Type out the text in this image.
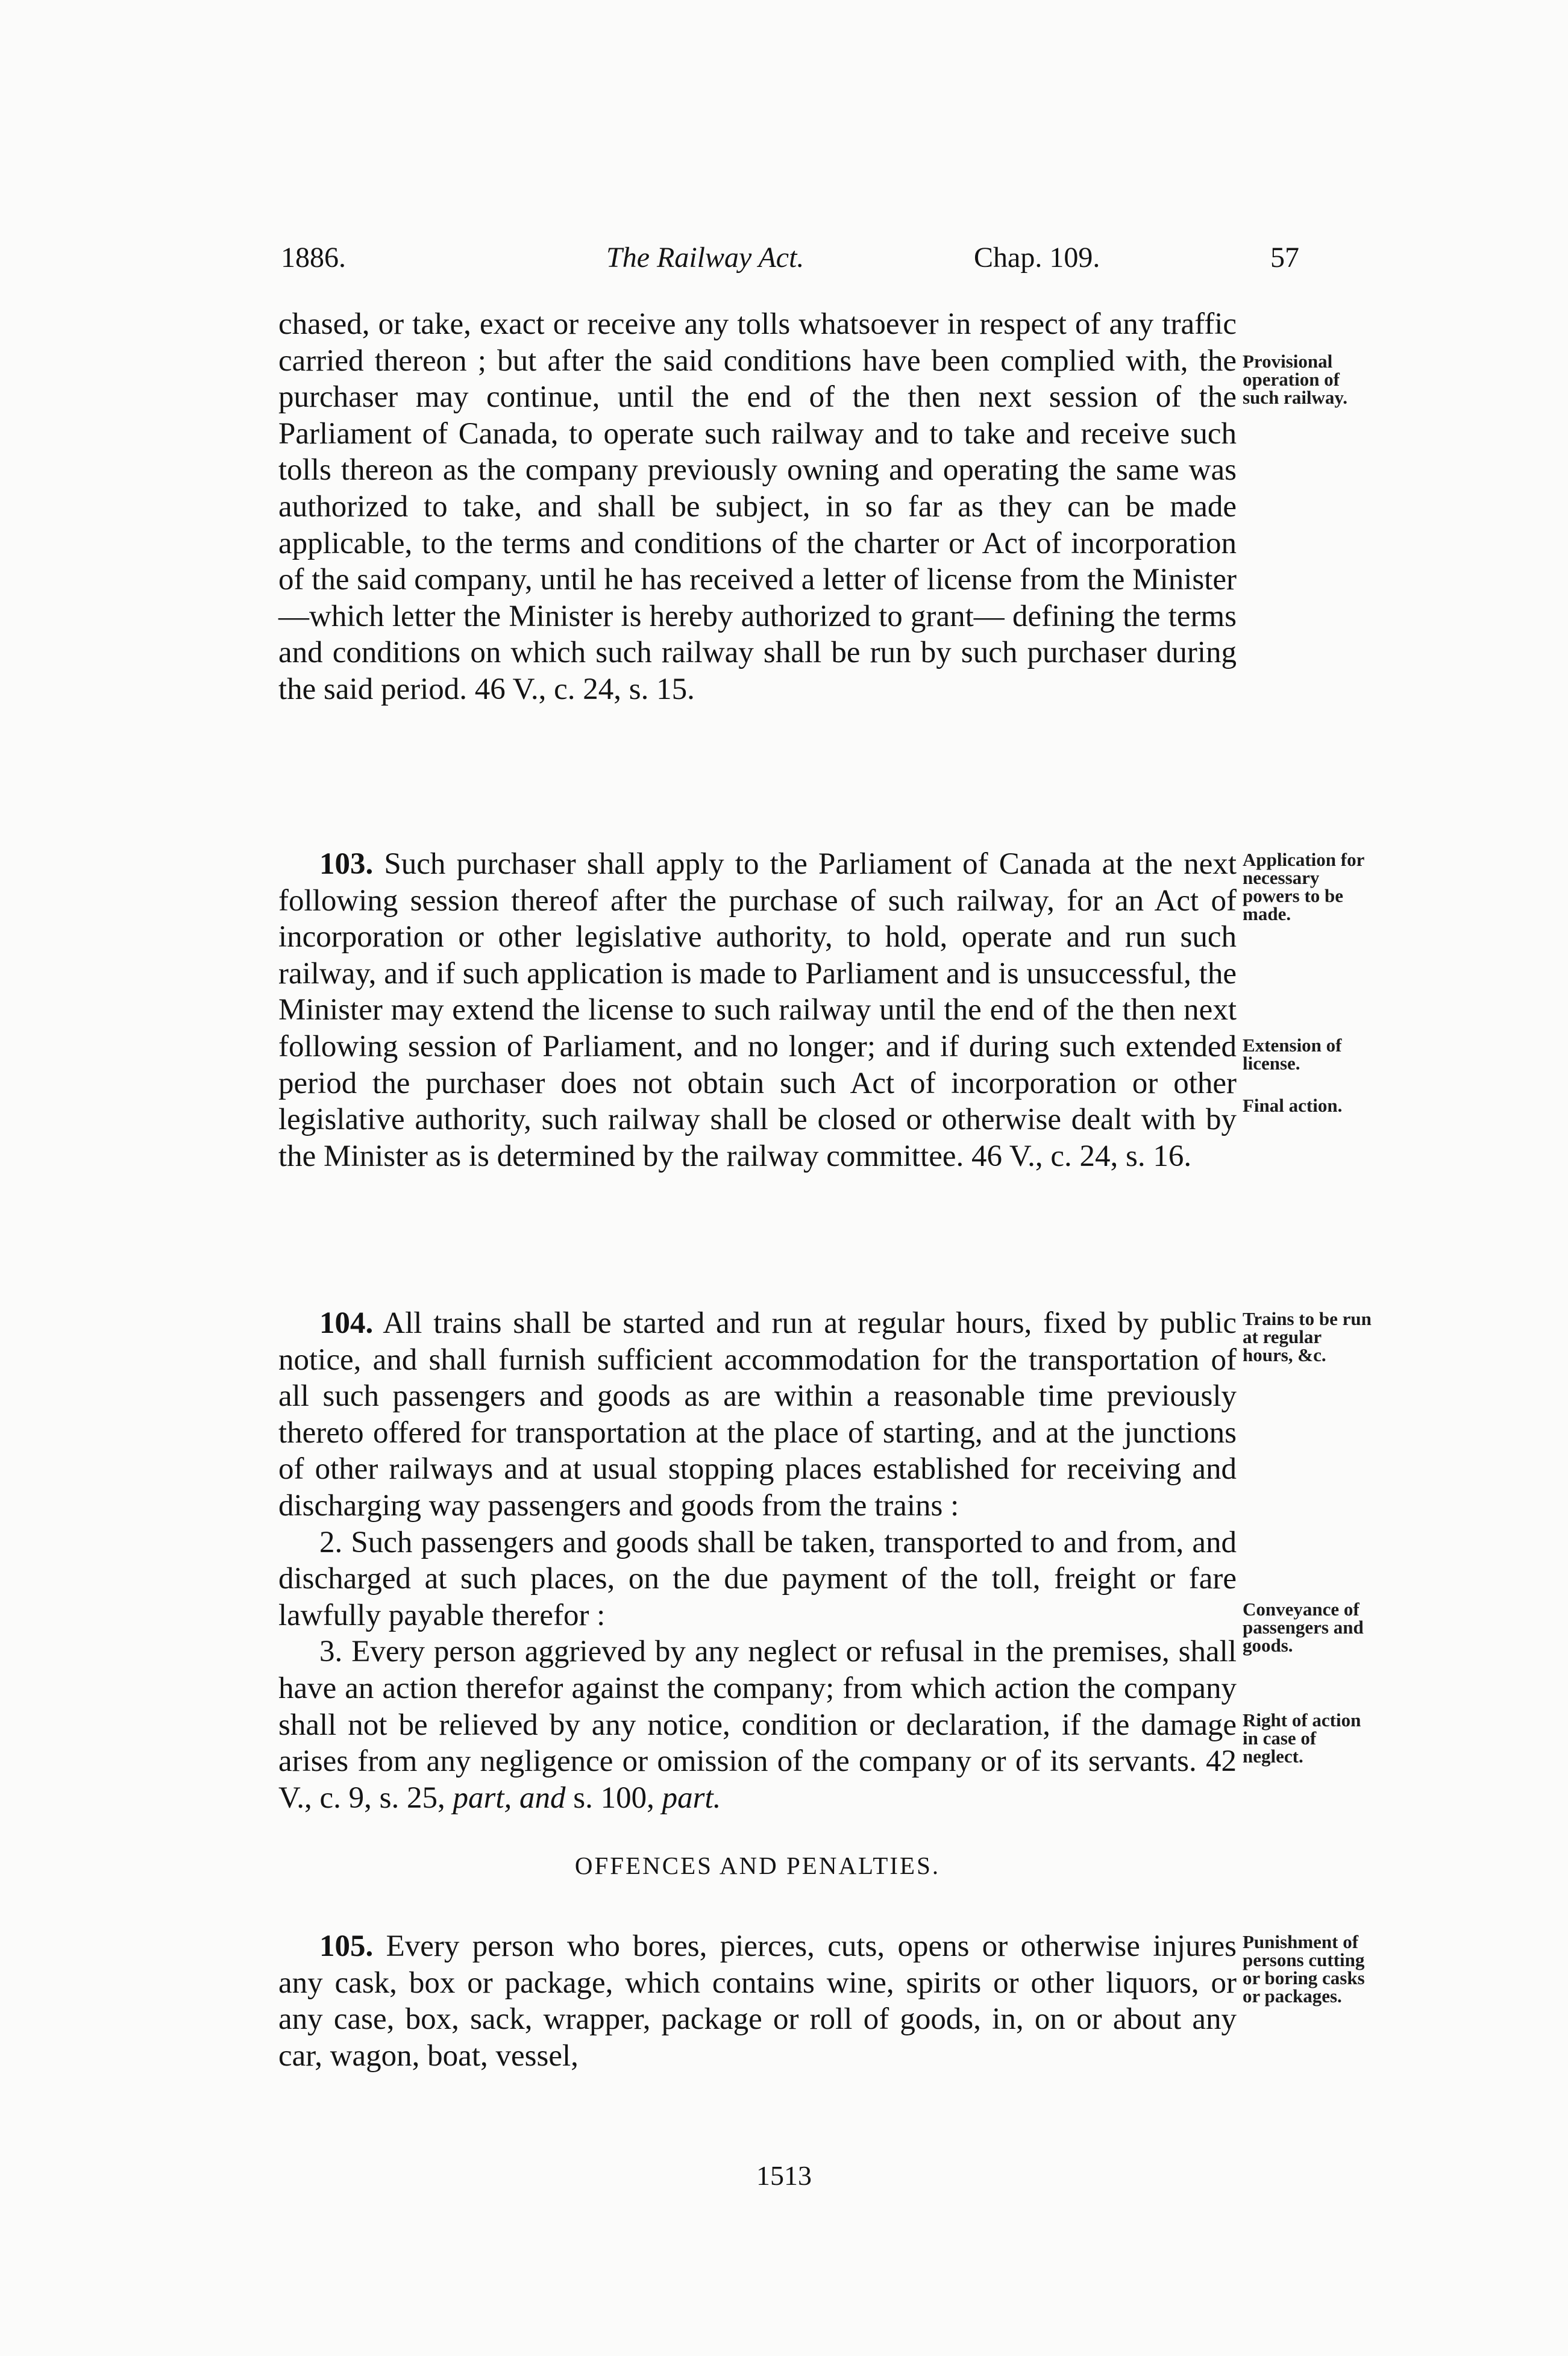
1886.	The Railway Act.	Chap. 109.	57

chased, or take, exact or receive any tolls whatsoever in respect of any traffic carried thereon ; but after the said conditions have been complied with, the purchaser may continue, until the end of the then next session of the Parliament of Canada, to operate such railway and to take and receive such tolls thereon as the company previously owning and operating the same was authorized to take, and shall be subject, in so far as they can be made applicable, to the terms and conditions of the charter or Act of incorporation of the said company, until he has received a letter of license from the Minister —which letter the Minister is hereby authorized to grant— defining the terms and conditions on which such railway shall be run by such purchaser during the said period. 46 V., c. 24, s. 15.

103. Such purchaser shall apply to the Parliament of Canada at the next following session thereof after the purchase of such railway, for an Act of incorporation or other legislative authority, to hold, operate and run such railway, and if such application is made to Parliament and is unsuccessful, the Minister may extend the license to such railway until the end of the then next following session of Parliament, and no longer; and if during such extended period the purchaser does not obtain such Act of incorporation or other legislative authority, such railway shall be closed or otherwise dealt with by the Minister as is determined by the railway committee. 46 V., c. 24, s. 16.

104. All trains shall be started and run at regular hours, fixed by public notice, and shall furnish sufficient accommodation for the transportation of all such passengers and goods as are within a reasonable time previously thereto offered for transportation at the place of starting, and at the junctions of other railways and at usual stopping places established for receiving and discharging way passengers and goods from the trains :

2. Such passengers and goods shall be taken, transported to and from, and discharged at such places, on the due payment of the toll, freight or fare lawfully payable therefor :

3. Every person aggrieved by any neglect or refusal in the premises, shall have an action therefor against the company; from which action the company shall not be relieved by any notice, condition or declaration, if the damage arises from any negligence or omission of the company or of its servants. 42 V., c. 9, s. 25, part, and s. 100, part.

OFFENCES AND PENALTIES.

105. Every person who bores, pierces, cuts, opens or otherwise injures any cask, box or package, which contains wine, spirits or other liquors, or any case, box, sack, wrapper, package or roll of goods, in, on or about any car, wagon, boat, vessel,

Provisional operation of such railway.
Application for necessary powers to be made.
Extension of license.
Final action.
Trains to be run at regular hours, &c.
Conveyance of passengers and goods.
Right of action in case of neglect.
Punishment of persons cutting or boring casks or packages.
1513
